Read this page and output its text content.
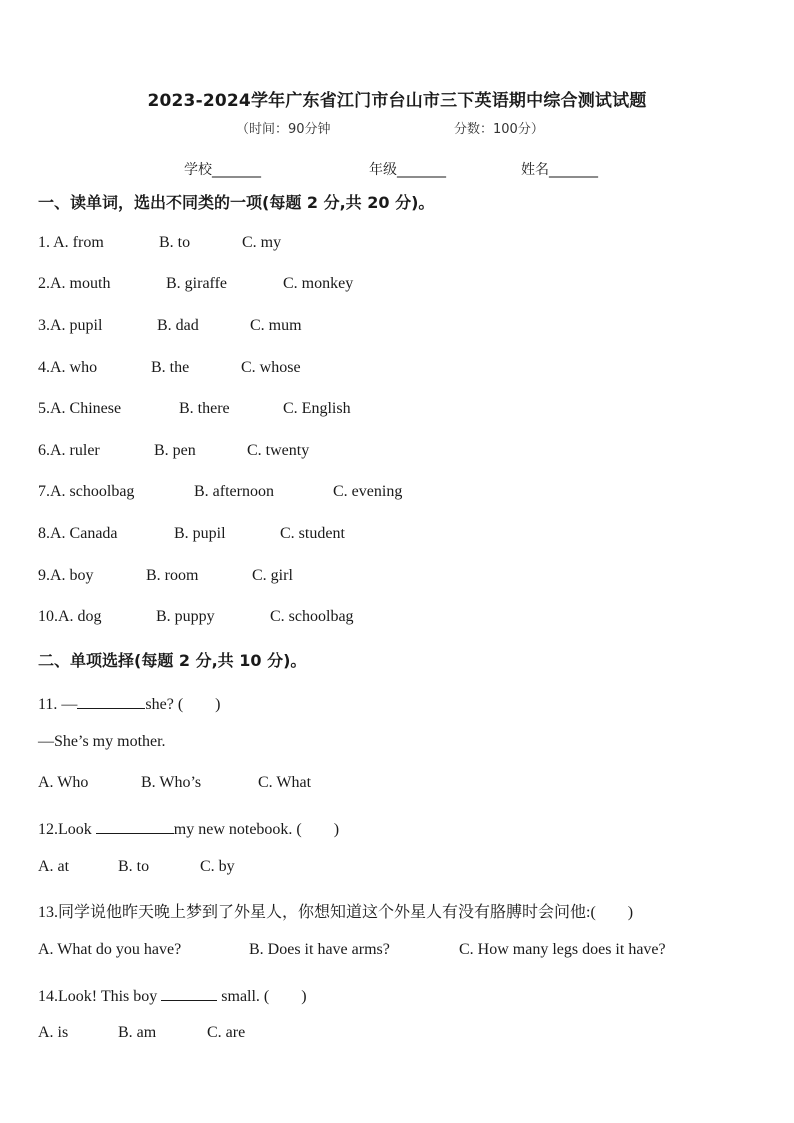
2023-2024学年广东省江门市台山市三下英语期中综合测试试题
（时间：90分钟	分数：100分）
学校_______	年级_______	姓名_______
一、读单词，选出不同类的一项(每题 2 分,共 20 分)。
1. A. from	B. to	C. my
2.A. mouth	B. giraffe	C. monkey
3.A. pupil	B. dad	C. mum
4.A. who	B. the	C. whose
5.A. Chinese	B. there	C. English
6.A. ruler	B. pen	C. twenty
7.A. schoolbag	B. afternoon	C. evening
8.A. Canada	B. pupil	C. student
9.A. boy	B. room	C. girl
10.A. dog	B. puppy	C. schoolbag
二、单项选择(每题 2 分,共 10 分)。
11. —	she? (　　)
—She’s my mother.
A. Who	B. Who’s	C. What
12.Look	my new notebook. (　　)
A. at	B. to	C. by
13.同学说他昨天晚上梦到了外星人，你想知道这个外星人有没有胳膊时会问他:(　　)
A. What do you have?	B. Does it have arms?	C. How many legs does it have?
14.Look! This boy	small. (　　)
A. is	B. am	C. are
